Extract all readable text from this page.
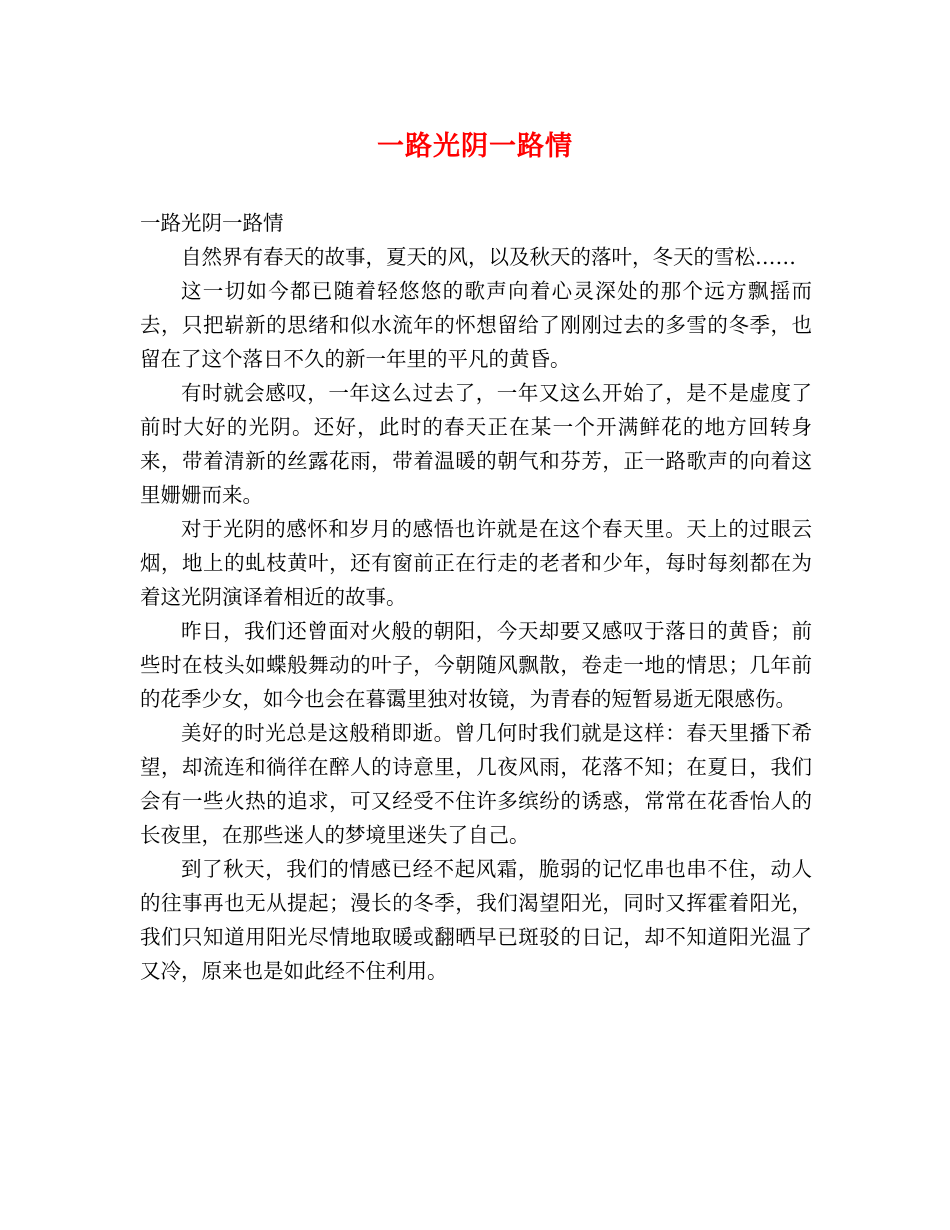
一路光阴一路情

一路光阴一路情

自然界有春天的故事，夏天的风，以及秋天的落叶，冬天的雪松……

这一切如今都已随着轻悠悠的歌声向着心灵深处的那个远方飘摇而去，只把崭新的思绪和似水流年的怀想留给了刚刚过去的多雪的冬季，也留在了这个落日不久的新一年里的平凡的黄昏。

有时就会感叹，一年这么过去了，一年又这么开始了，是不是虚度了前时大好的光阴。还好，此时的春天正在某一个开满鲜花的地方回转身来，带着清新的丝露花雨，带着温暖的朝气和芬芳，正一路歌声的向着这里姗姗而来。

对于光阴的感怀和岁月的感悟也许就是在这个春天里。天上的过眼云烟，地上的虬枝黄叶，还有窗前正在行走的老者和少年，每时每刻都在为着这光阴演译着相近的故事。

昨日，我们还曾面对火般的朝阳，今天却要又感叹于落日的黄昏；前些时在枝头如蝶般舞动的叶子，今朝随风飘散，卷走一地的情思；几年前的花季少女，如今也会在暮霭里独对妆镜，为青春的短暂易逝无限感伤。

美好的时光总是这般稍即逝。曾几何时我们就是这样：春天里播下希望，却流连和徜徉在醉人的诗意里，几夜风雨，花落不知；在夏日，我们会有一些火热的追求，可又经受不住许多缤纷的诱惑，常常在花香怡人的长夜里，在那些迷人的梦境里迷失了自己。

到了秋天，我们的情感已经不起风霜，脆弱的记忆串也串不住，动人的往事再也无从提起；漫长的冬季，我们渴望阳光，同时又挥霍着阳光，我们只知道用阳光尽情地取暖或翻晒早已斑驳的日记，却不知道阳光温了又冷，原来也是如此经不住利用。
